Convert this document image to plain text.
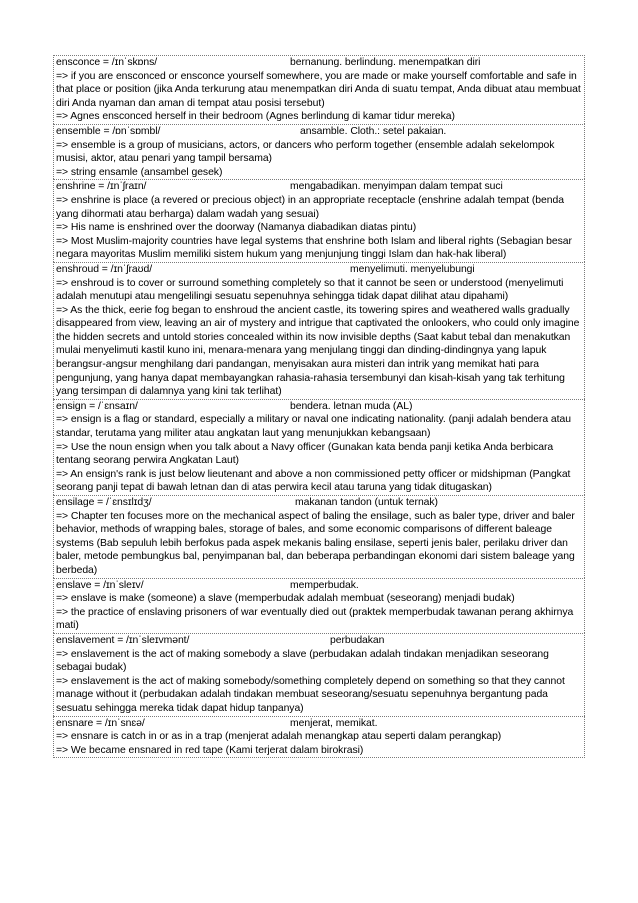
ensconce = /ɪnˈskɒns/	bernanung. berlindung. menempatkan diri
=> if you are ensconced or ensconce yourself somewhere, you are made or make yourself comfortable and safe in that place or position (jika Anda terkurung atau menempatkan diri Anda di suatu tempat, Anda dibuat atau membuat diri Anda nyaman dan aman di tempat atau posisi tersebut)
=> Agnes ensconced herself in their bedroom (Agnes berlindung di kamar tidur mereka)
ensemble = /ɒnˈsɒmbl/	ansamble. Cloth.: setel pakaian.
=> ensemble is a group of musicians, actors, or dancers who perform together (ensemble adalah sekelompok musisi, aktor, atau penari yang tampil bersama)
=> string ensamle (ansambel gesek)
enshrine = /ɪnˈʃraɪn/	mengabadikan. menyimpan dalam tempat suci
=> enshrine is place (a revered or precious object) in an appropriate receptacle (enshrine adalah tempat (benda yang dihormati atau berharga) dalam wadah yang sesuai)
=> His name is enshrined over the doorway (Namanya diabadikan diatas pintu)
=> Most Muslim-majority countries have legal systems that enshrine both Islam and liberal rights (Sebagian besar negara mayoritas Muslim memiliki sistem hukum yang menjunjung tinggi Islam dan hak-hak liberal)
enshroud = /ɪnˈʃraʊd/	menyelimuti. menyelubungi
=> enshroud is to cover or surround something completely so that it cannot be seen or understood (menyelimuti adalah menutupi atau mengelilingi sesuatu sepenuhnya sehingga tidak dapat dilihat atau dipahami)
=> As the thick, eerie fog began to enshroud the ancient castle, its towering spires and weathered walls gradually disappeared from view, leaving an air of mystery and intrigue that captivated the onlookers, who could only imagine the hidden secrets and untold stories concealed within its now invisible depths (Saat kabut tebal dan menakutkan mulai menyelimuti kastil kuno ini, menara-menara yang menjulang tinggi dan dinding-dindingnya yang lapuk berangsur-angsur menghilang dari pandangan, menyisakan aura misteri dan intrik yang memikat hati para pengunjung, yang hanya dapat membayangkan rahasia-rahasia tersembunyi dan kisah-kisah yang tak terhitung yang tersimpan di dalamnya yang kini tak terlihat)
ensign = /ˈɛnsaɪn/	bendera. letnan muda (AL)
=> ensign is a flag or standard, especially a military or naval one indicating nationality. (panji adalah bendera atau standar, terutama yang militer atau angkatan laut yang menunjukkan kebangsaan)
=> Use the noun ensign when you talk about a Navy officer (Gunakan kata benda panji ketika Anda berbicara tentang seorang perwira Angkatan Laut)
=> An ensign's rank is just below lieutenant and above a non commissioned petty officer or midshipman (Pangkat seorang panji tepat di bawah letnan dan di atas perwira kecil atau taruna yang tidak ditugaskan)
ensilage = /ˈɛnsɪlɪdʒ/	makanan tandon (untuk ternak)
=> Chapter ten focuses more on the mechanical aspect of baling the ensilage, such as baler type, driver and baler behavior, methods of wrapping bales, storage of bales, and some economic comparisons of different baleage systems (Bab sepuluh lebih berfokus pada aspek mekanis baling ensilase, seperti jenis baler, perilaku driver dan baler, metode pembungkus bal, penyimpanan bal, dan beberapa perbandingan ekonomi dari sistem baleage yang berbeda)
enslave = /ɪnˈsleɪv/	memperbudak.
=> enslave is make (someone) a slave (memperbudak adalah membuat (seseorang) menjadi budak)
=> the practice of enslaving prisoners of war eventually died out (praktek memperbudak tawanan perang akhirnya mati)
enslavement = /ɪnˈsleɪvmənt/	perbudakan
=> enslavement is the act of making somebody a slave (perbudakan adalah tindakan menjadikan seseorang sebagai budak)
=> enslavement is the act of making somebody/something completely depend on something so that they cannot manage without it (perbudakan adalah tindakan membuat seseorang/sesuatu sepenuhnya bergantung pada sesuatu sehingga mereka tidak dapat hidup tanpanya)
ensnare = /ɪnˈsnɛə/	menjerat, memikat.
=> ensnare is catch in or as in a trap (menjerat adalah menangkap atau seperti dalam perangkap)
=> We became ensnared in red tape (Kami terjerat dalam birokrasi)
